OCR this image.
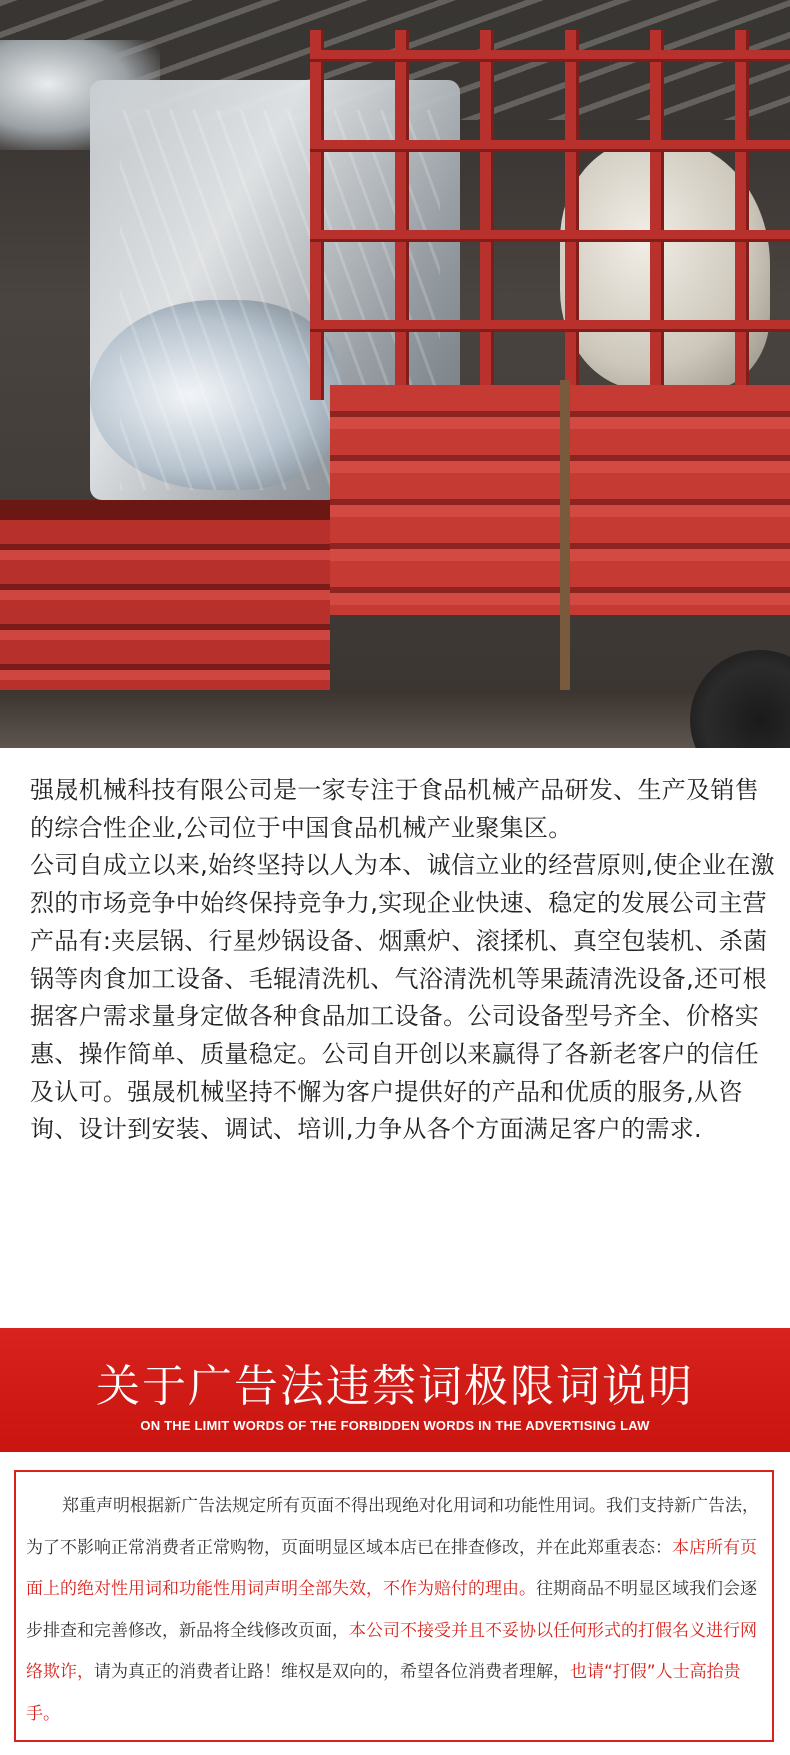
强晟机械科技有限公司是一家专注于食品机械产品研发、生产及销售的综合性企业,公司位于中国食品机械产业聚集区。
公司自成立以来,始终坚持以人为本、诚信立业的经营原则,使企业在激烈的市场竞争中始终保持竞争力,实现企业快速、稳定的发展公司主营产品有:夹层锅、行星炒锅设备、烟熏炉、滚揉机、真空包装机、杀菌锅等肉食加工设备、毛辊清洗机、气浴清洗机等果蔬清洗设备,还可根据客户需求量身定做各种食品加工设备。公司设备型号齐全、价格实惠、操作简单、质量稳定。公司自开创以来赢得了各新老客户的信任及认可。强晟机械坚持不懈为客户提供好的产品和优质的服务,从咨询、设计到安装、调试、培训,力争从各个方面满足客户的需求.

关于广告法违禁词极限词说明
ON THE LIMIT WORDS OF THE FORBIDDEN WORDS IN THE ADVERTISING LAW

郑重声明根据新广告法规定所有页面不得出现绝对化用词和功能性用词。我们支持新广告法，为了不影响正常消费者正常购物，页面明显区域本店已在排查修改，并在此郑重表态：本店所有页面上的绝对性用词和功能性用词声明全部失效，不作为赔付的理由。往期商品不明显区域我们会逐步排查和完善修改，新品将全线修改页面，本公司不接受并且不妥协以任何形式的打假名义进行网络欺诈，请为真正的消费者让路！维权是双向的，希望各位消费者理解，也请“打假”人士高抬贵手。
